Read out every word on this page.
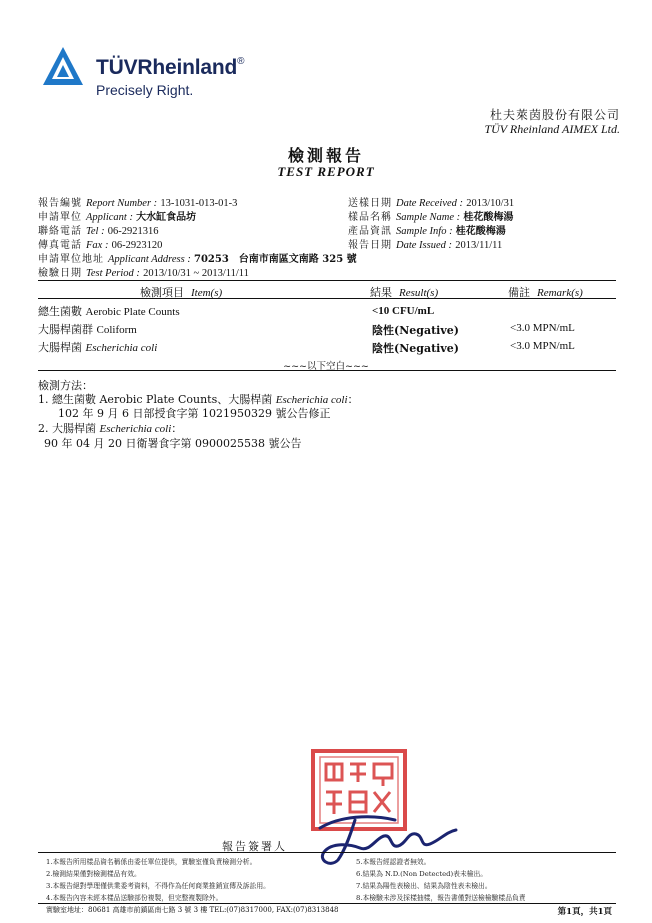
TÜVRheinland®
Precisely Right.
杜夫萊茵股份有限公司
TÜV Rheinland AIMEX Ltd.
檢測報告
TEST REPORT
報告編號 Report Number : 13-1031-013-01-3
申請單位 Applicant : 大水缸食品坊
聯絡電話 Tel : 06-2921316
傳真電話 Fax : 06-2923120
申請單位地址 Applicant Address : 70253　台南市南區文南路 325 號
檢驗日期 Test Period : 2013/10/31 ~ 2013/11/11
送樣日期 Date Received : 2013/10/31
樣品名稱 Sample Name : 桂花酸梅湯
產品資訊 Sample Info : 桂花酸梅湯
報告日期 Date Issued : 2013/11/11
檢測項目 Item(s)	結果 Result(s)	備註 Remark(s)
總生菌數 Aerobic Plate Counts	<10 CFU/mL
大腸桿菌群 Coliform	陰性(Negative)	<3.0 MPN/mL
大腸桿菌 Escherichia coli	陰性(Negative)	<3.0 MPN/mL
~~~以下空白~~~
檢測方法：
1. 總生菌數 Aerobic Plate Counts、大腸桿菌 Escherichia coli：
102 年 9 月 6 日部授食字第 1021950329 號公告修正
2. 大腸桿菌 Escherichia coli：
90 年 04 月 20 日衛署食字第 0900025538 號公告
報告簽署人
1.本報告所用樣品資名稱係由委任單位提供，實驗室僅負責檢測分析。
2.檢測結果僅對檢測樣品有效。
3.本報告絕對學理僅供業委考資料，不得作為任何商業推銷宣傳及訴訟用。
4.本報告內容未經本樣品送驗部份複製，但完整複製除外。
5.本報告經認證者無效。
6.結果為 N.D.(Non Detected)表未檢出。
7.結果為陽性表檢出、結果為陰性表未檢出。
8.本檢驗未涉及採樣抽樣，報告書僅對送檢檢驗樣品負責
實驗室地址：80681 高雄市前鎮區南七路 3 號 3 樓 TEL:(07)8317000, FAX:(07)8313848	第1頁，共1頁
